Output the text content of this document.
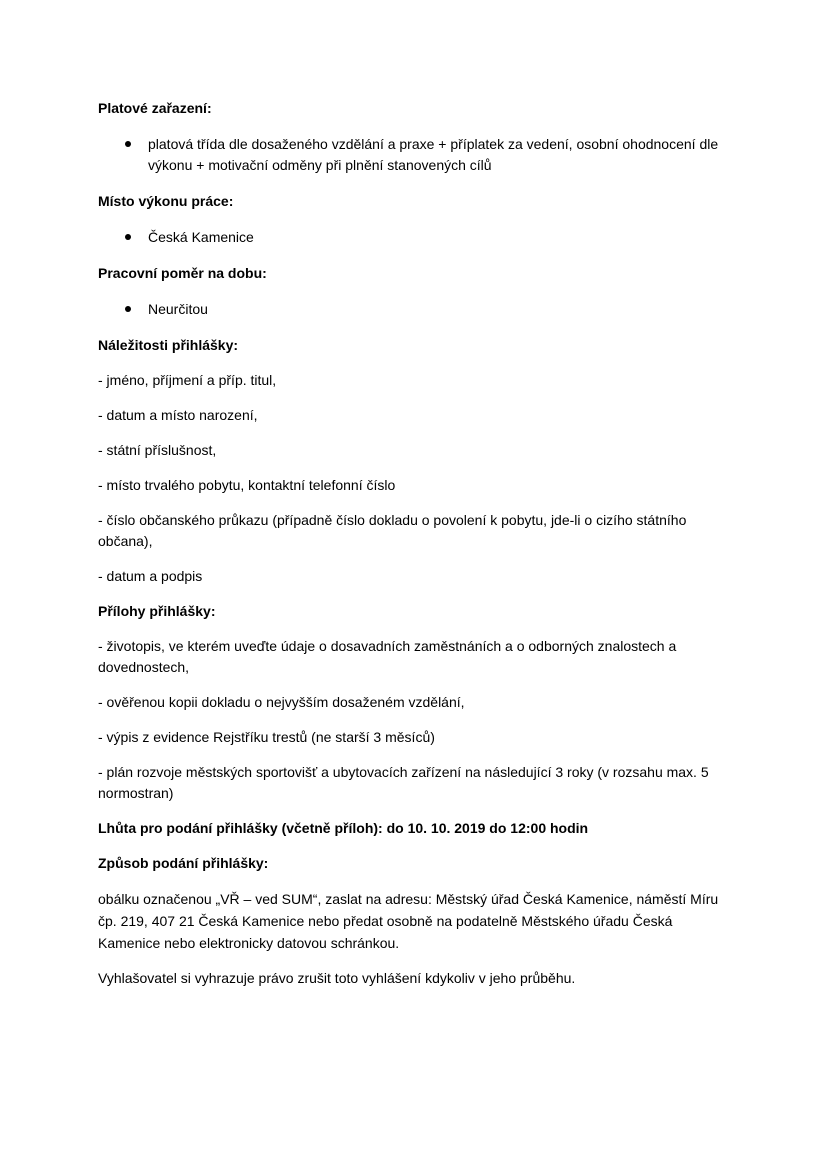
Platové zařazení:

platová třída dle dosaženého vzdělání a praxe + příplatek za vedení, osobní ohodnocení dle výkonu + motivační odměny při plnění stanovených cílů

Místo výkonu práce:

Česká Kamenice

Pracovní poměr na dobu:

Neurčitou

Náležitosti přihlášky:

- jméno, příjmení a příp. titul,

- datum a místo narození,

- státní příslušnost,

- místo trvalého pobytu, kontaktní telefonní číslo

- číslo občanského průkazu (případně číslo dokladu o povolení k pobytu, jde-li o cizího státního občana),

- datum a podpis

Přílohy přihlášky:

- životopis, ve kterém uveďte údaje o dosavadních zaměstnáních a o odborných znalostech a dovednostech,

- ověřenou kopii dokladu o nejvyšším dosaženém vzdělání,

- výpis z evidence Rejstříku trestů (ne starší 3 měsíců)

- plán rozvoje městských sportovišť a ubytovacích zařízení na následující 3 roky (v rozsahu max. 5 normostran)

Lhůta pro podání přihlášky (včetně příloh): do 10. 10. 2019 do 12:00 hodin

Způsob podání přihlášky:

obálku označenou „VŘ – ved SUM“, zaslat na adresu: Městský úřad Česká Kamenice, náměstí Míru čp. 219, 407 21 Česká Kamenice nebo předat osobně na podatelně Městského úřadu Česká Kamenice nebo elektronicky datovou schránkou.

Vyhlašovatel si vyhrazuje právo zrušit toto vyhlášení kdykoliv v jeho průběhu.
